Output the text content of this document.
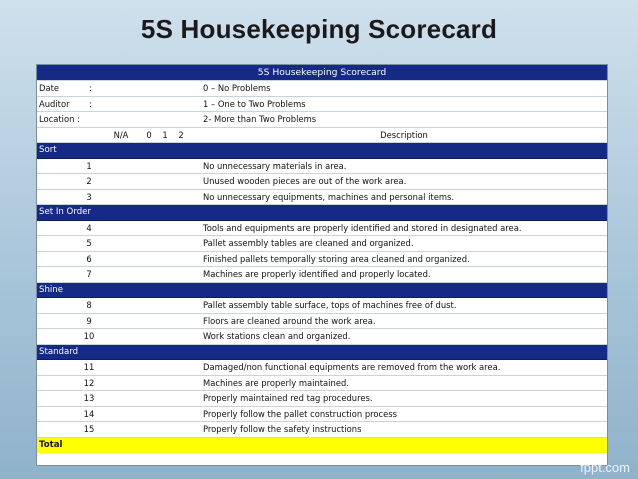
5S Housekeeping Scorecard
5S Housekeeping Scorecard							
Date	:						0 – No Problems
Auditor	:						1 – One to Two Problems
Location :							2- More than Two Problems
		N/A	0	1	2		Description
Sort							
1							No unnecessary materials in area.
2							Unused wooden pieces are out of the work area.
3							No unnecessary equipments, machines and personal items.
Set In Order							
4							Tools and equipments are properly identified and stored in designated area.
5							Pallet assembly tables are cleaned and organized.
6							Finished pallets temporally storing area cleaned and organized.
7							Machines are properly identified and properly located.
Shine							
8							Pallet assembly table surface, tops of machines free of dust.
9							Floors are cleaned around the work area.
10							Work stations clean and organized.
Standard							
11							Damaged/non functional equipments are removed from the work area.
12							Machines are properly maintained.
13							Properly maintained red tag procedures.
14							Properly follow the pallet construction process
15							Properly follow the safety instructions
Total							
fppt.com
